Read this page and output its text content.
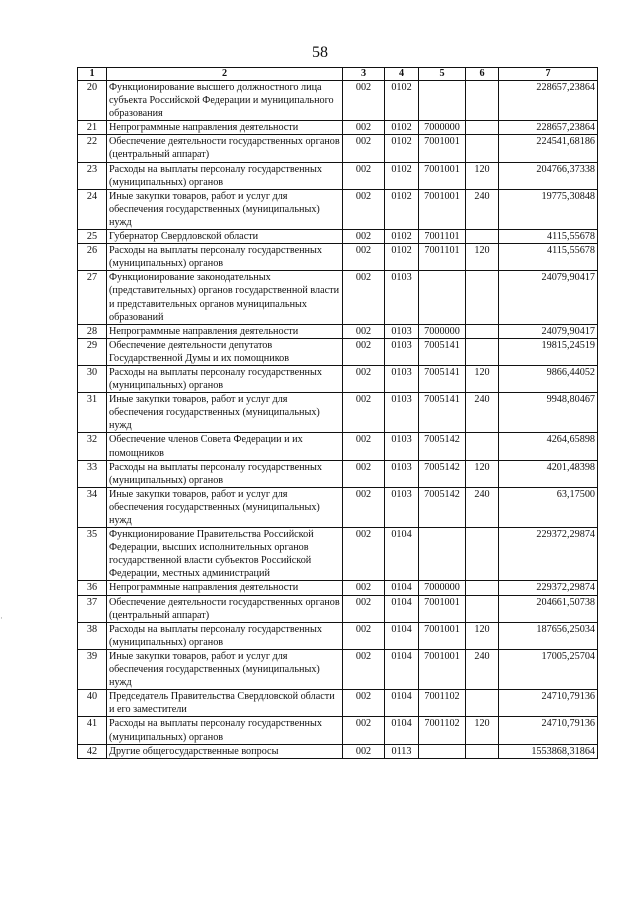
58
·
1	2	3	4	5	6	7
20	Функционирование высшего должностного лица субъекта Российской Федерации и муниципального образования	002	0102			228657,23864
21	Непрограммные направления деятельности	002	0102	7000000		228657,23864
22	Обеспечение деятельности государственных органов (центральный аппарат)	002	0102	7001001		224541,68186
23	Расходы на выплаты персоналу государственных (муниципальных) органов	002	0102	7001001	120	204766,37338
24	Иные закупки товаров, работ и услуг для обеспечения государственных (муниципальных) нужд	002	0102	7001001	240	19775,30848
25	Губернатор Свердловской области	002	0102	7001101		4115,55678
26	Расходы на выплаты персоналу государственных (муниципальных) органов	002	0102	7001101	120	4115,55678
27	Функционирование законодательных (представительных) органов государственной власти и представительных органов муниципальных образований	002	0103			24079,90417
28	Непрограммные направления деятельности	002	0103	7000000		24079,90417
29	Обеспечение деятельности депутатов Государственной Думы и их помощников	002	0103	7005141		19815,24519
30	Расходы на выплаты персоналу государственных (муниципальных) органов	002	0103	7005141	120	9866,44052
31	Иные закупки товаров, работ и услуг для обеспечения государственных (муниципальных) нужд	002	0103	7005141	240	9948,80467
32	Обеспечение членов Совета Федерации и их помощников	002	0103	7005142		4264,65898
33	Расходы на выплаты персоналу государственных (муниципальных) органов	002	0103	7005142	120	4201,48398
34	Иные закупки товаров, работ и услуг для обеспечения государственных (муниципальных) нужд	002	0103	7005142	240	63,17500
35	Функционирование Правительства Российской Федерации, высших исполнительных органов государственной власти субъектов Российской Федерации, местных администраций	002	0104			229372,29874
36	Непрограммные направления деятельности	002	0104	7000000		229372,29874
37	Обеспечение деятельности государственных органов (центральный аппарат)	002	0104	7001001		204661,50738
38	Расходы на выплаты персоналу государственных (муниципальных) органов	002	0104	7001001	120	187656,25034
39	Иные закупки товаров, работ и услуг для обеспечения государственных (муниципальных) нужд	002	0104	7001001	240	17005,25704
40	Председатель Правительства Свердловской области и его заместители	002	0104	7001102		24710,79136
41	Расходы на выплаты персоналу государственных (муниципальных) органов	002	0104	7001102	120	24710,79136
42	Другие общегосударственные вопросы	002	0113			1553868,31864
